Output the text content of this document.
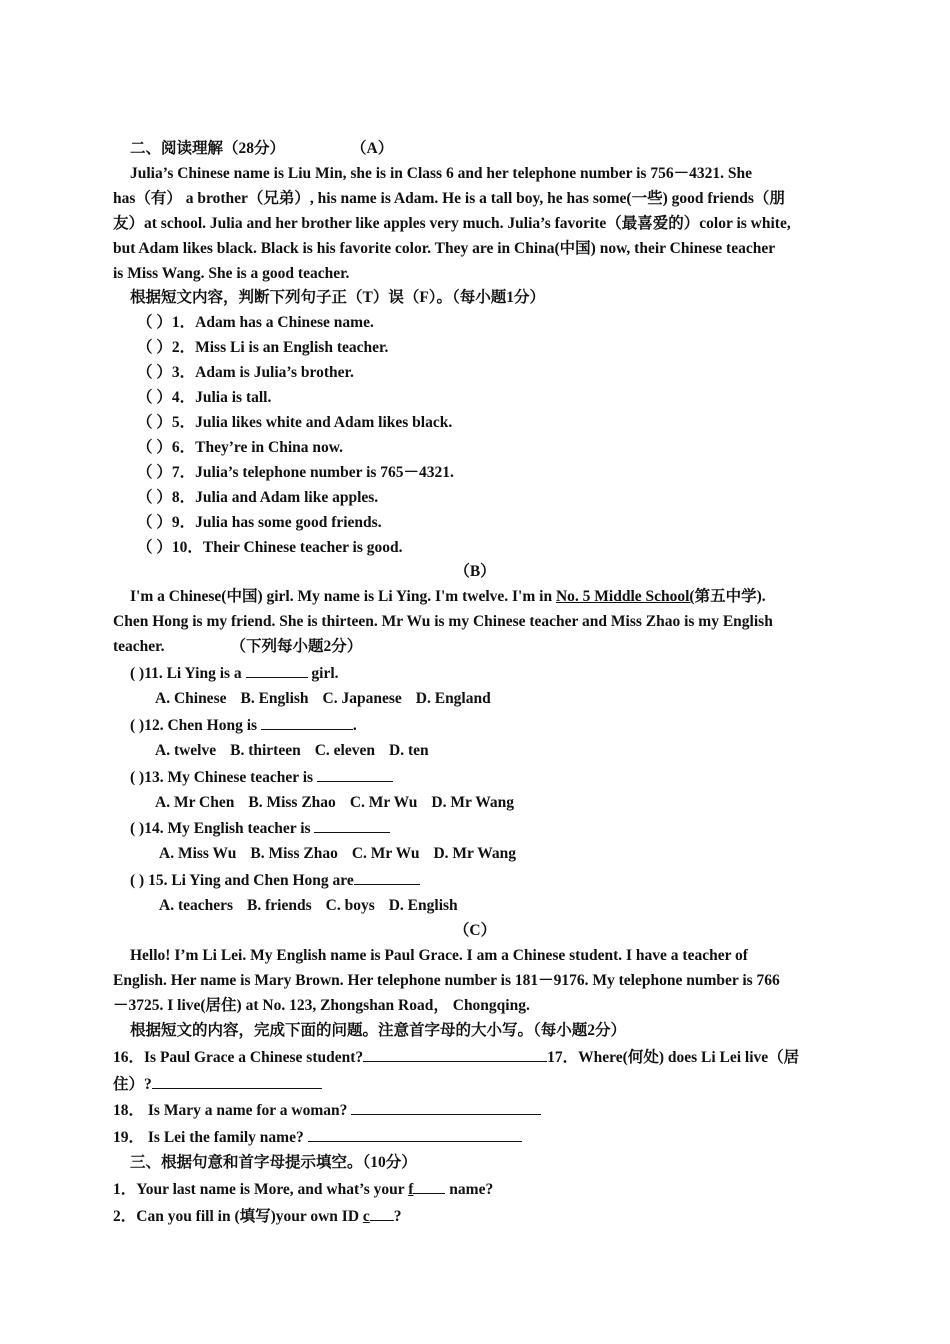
二、阅读理解（28分）	（A）
Julia’s Chinese name is Liu Min, she is in Class 6 and her telephone number is 756－4321. She
has（有） a brother（兄弟）, his name is Adam. He is a tall boy, he has some(一些) good friends（朋
友）at school. Julia and her brother like apples very much. Julia’s favorite（最喜爱的）color is white,
but Adam likes black. Black is his favorite color. They are in China(中国) now, their Chinese teacher
is Miss Wang. She is a good teacher.
根据短文内容，判断下列句子正（T）误（F）。（每小题1分）
（ ）1．Adam has a Chinese name.
（ ）2．Miss Li is an English teacher.
（ ）3．Adam is Julia’s brother.
（ ）4．Julia is tall.
（ ）5．Julia likes white and Adam likes black.
（ ）6．They’re in China now.
（ ）7．Julia’s telephone number is 765－4321.
（ ）8．Julia and Adam like apples.
（ ）9．Julia has some good friends.
（ ）10．Their Chinese teacher is good.
（B）
I'm a Chinese(中国) girl. My name is Li Ying. I'm twelve. I'm in No. 5 Middle School(第五中学).
Chen Hong is my friend. She is thirteen. Mr Wu is my Chinese teacher and Miss Zhao is my English
teacher.	（下列每小题2分）
( )11. Li Ying is a	girl.
A. Chinese B. English C. Japanese D. England
( )12. Chen Hong is	.
A. twelve B. thirteen C. eleven D. ten
( )13. My Chinese teacher is
A. Mr Chen B. Miss Zhao C. Mr Wu D. Mr Wang
( )14. My English teacher is
A. Miss Wu B. Miss Zhao C. Mr Wu D. Mr Wang
( ) 15. Li Ying and Chen Hong are
A. teachers B. friends C. boys D. English
（C）
Hello! I’m Li Lei. My English name is Paul Grace. I am a Chinese student. I have a teacher of
English. Her name is Mary Brown. Her telephone number is 181－9176. My telephone number is 766
－3725. I live(居住) at No. 123, Zhongshan Road， Chongqing.
根据短文的内容，完成下面的问题。注意首字母的大小写。（每小题2分）
16．Is Paul Grace a Chinese student?	17．Where(何处) does Li Lei live（居
住）?
18． Is Mary a name for a woman?
19． Is Lei the family name?
三、根据句意和首字母提示填空。（10分）
1．Your last name is More, and what’s your f name?
2．Can you fill in (填写)your own ID c ?
